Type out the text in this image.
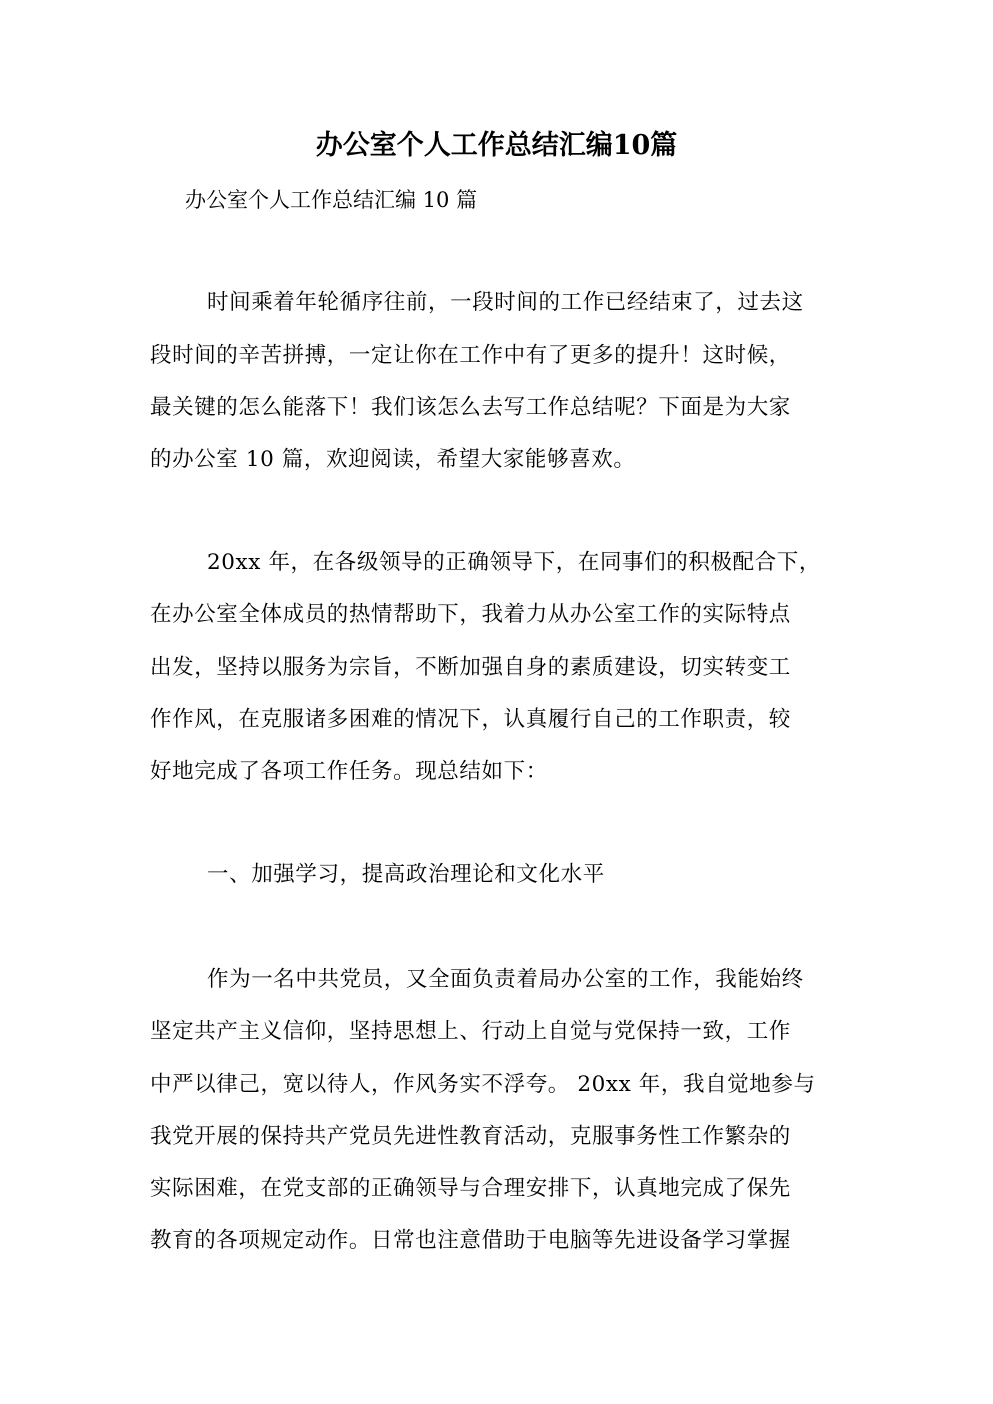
办公室个人工作总结汇编10篇
办公室个人工作总结汇编 10 篇
时间乘着年轮循序往前，一段时间的工作已经结束了，过去这
段时间的辛苦拼搏，一定让你在工作中有了更多的提升！这时候，
最关键的怎么能落下！我们该怎么去写工作总结呢？下面是为大家
的办公室 10 篇，欢迎阅读，希望大家能够喜欢。
20xx 年，在各级领导的正确领导下，在同事们的积极配合下，
在办公室全体成员的热情帮助下，我着力从办公室工作的实际特点
出发，坚持以服务为宗旨，不断加强自身的素质建设，切实转变工
作作风，在克服诸多困难的情况下，认真履行自己的工作职责，较
好地完成了各项工作任务。现总结如下：
一、加强学习，提高政治理论和文化水平
作为一名中共党员，又全面负责着局办公室的工作，我能始终
坚定共产主义信仰，坚持思想上、行动上自觉与党保持一致，工作
中严以律己，宽以待人，作风务实不浮夸。 20xx 年，我自觉地参与
我党开展的保持共产党员先进性教育活动，克服事务性工作繁杂的
实际困难，在党支部的正确领导与合理安排下，认真地完成了保先
教育的各项规定动作。日常也注意借助于电脑等先进设备学习掌握
